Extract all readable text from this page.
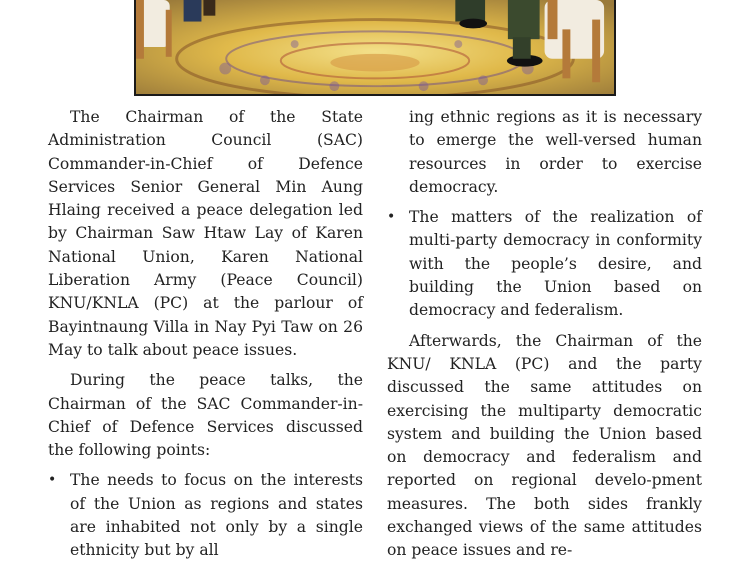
The Chairman of the State Administration Council (SAC) Commander-in-Chief of Defence Services Senior General Min Aung Hlaing received a peace delegation led by Chairman Saw Htaw Lay of Karen National Union, Karen National Liberation Army (Peace Council) KNU/KNLA (PC) at the parlour of Bayintnaung Villa in Nay Pyi Taw on 26 May to talk about peace issues.

During the peace talks, the Chairman of the SAC Commander-in-Chief of Defence Services discussed the following points:

• The needs to focus on the interests of the Union as regions and states are inhabited not only by a single ethnicity but by all

ing ethnic regions as it is necessary to emerge the well-versed human resources in order to exercise democracy.

• The matters of the realization of multi-party democracy in conformity with the people’s desire, and building the Union based on democracy and federalism.

Afterwards, the Chairman of the KNU/ KNLA (PC) and the party discussed the same attitudes on exercising the multiparty democratic system and building the Union based on democracy and federalism and reported on regional develo-pment measures. The both sides frankly exchanged views of the same attitudes on peace issues and re-
